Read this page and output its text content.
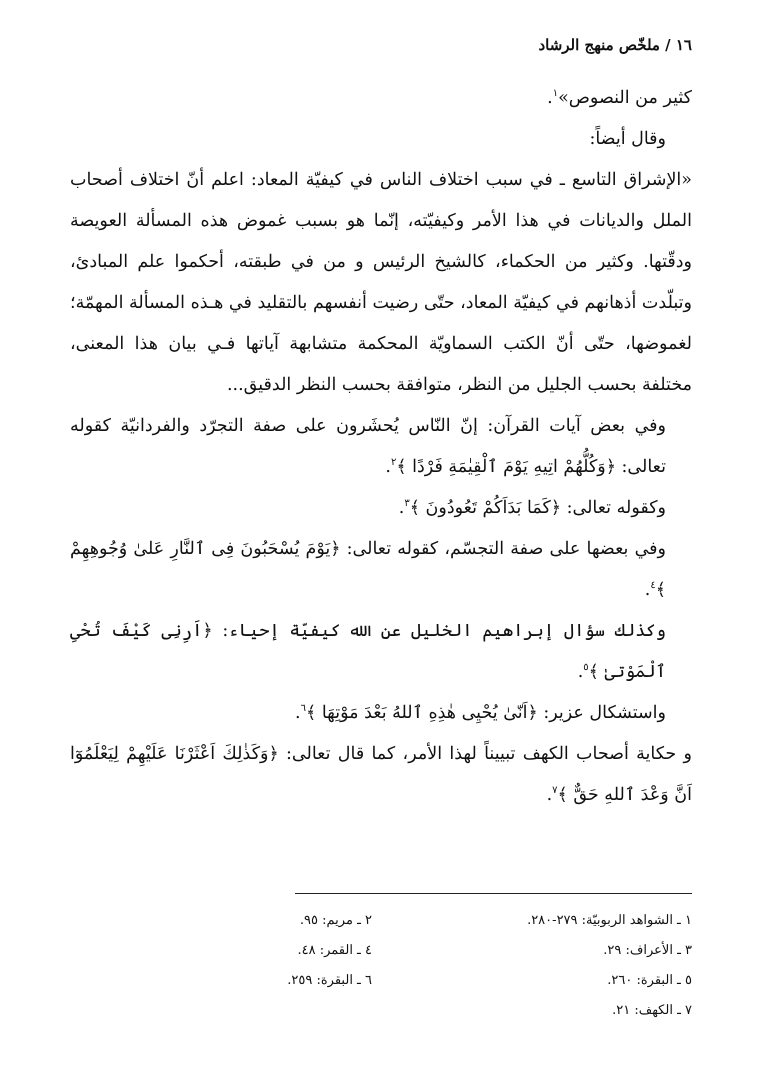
١٦ / ملخّص منهج الرشاد

كثير من النصوص»$^١$.

وقال أيضاً:

«الإشراق التاسع ـ في سبب اختلاف الناس في كيفيّة المعاد: اعلم أنّ اختلاف أصحاب الملل والديانات في هذا الأمر وكيفيّته، إنّما هو بسبب غموض هذه المسألة العويصة ودقّتها. وكثير من الحكماء، كالشيخ الرئيس و من في طبقته، أحكموا علم المبادئ، وتبلّدت أذهانهم في كيفيّة المعاد، حتّى رضيت أنفسهم بالتقليد في هـذه المسألة المهمّة؛ لغموضها، حتّى أنّ الكتب السماويّة المحكمة متشابهة آياتها فـي بيان هذا المعنى، مختلفة بحسب الجليل من النظر، متوافقة بحسب النظر الدقيق...

وفي بعض آيات القرآن: إنّ النّاس يُحشَرون على صفة التجرّد والفردانيّة كقوله تعالى: ﴿وَكُلُّهُمْ اتِيهِ يَوْمَ ٱلْقِيٰمَةِ فَرْدًا ﴾$^٢$.

وكقوله تعالى: ﴿كَمَا بَدَاَكُمْ تَعُودُونَ ﴾$^٣$.

وفي بعضها على صفة التجسّم، كقوله تعالى: ﴿يَوْمَ يُسْحَبُونَ فِى ٱلنَّارِ عَلىٰ وُجُوهِهِمْ ﴾$^٤$.

وكذلك سؤال إبراهيم الخليل عن الله كيفيّة إحياء: ﴿اَرِنِى كَيْفَ تُحْىِ ٱلْمَوْتىٰ ﴾$^٥$.

واستشكال عزير: ﴿اَنّىٰ يُحْيِى هٰذِهِ ٱللهُ بَعْدَ مَوْتِهَا ﴾$^٦$.

و حكاية أصحاب الكهف تبييناً لهذا الأمر، كما قال تعالى: ﴿وَكَذٰلِكَ اَعْثَرْنَا عَلَيْهِمْ لِيَعْلَمُوٓا اَنَّ وَعْدَ ٱللهِ حَقٌّ ﴾$^٧$.

١ ـ الشواهد الربوبيّة: ٢٧٩-٢٨٠.
٢ ـ مريم: ٩٥.
٣ ـ الأعراف: ٢٩.
٤ ـ القمر: ٤٨.
٥ ـ البقرة: ٢٦٠.
٦ ـ البقرة: ٢٥٩.
٧ ـ الكهف: ٢١.
